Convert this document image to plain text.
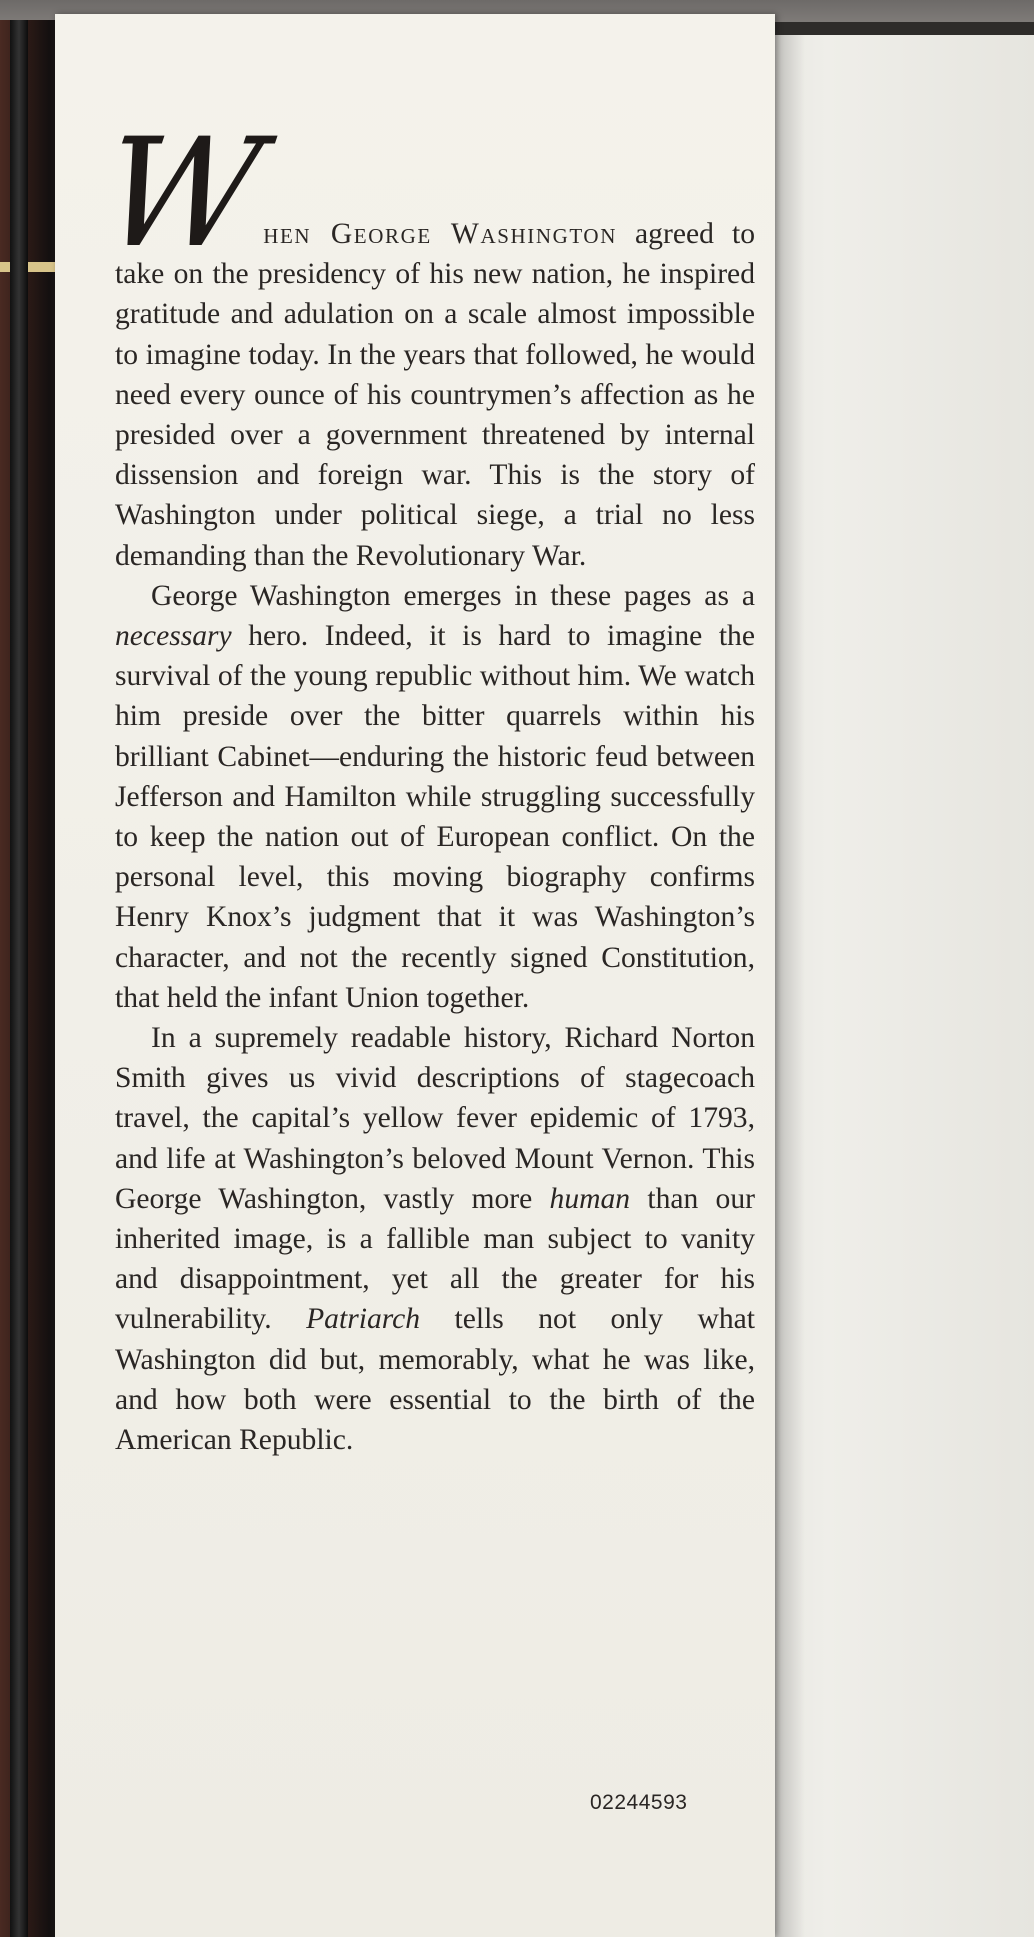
W
hen George Washington agreed to take on the presidency of his new nation, he inspired gratitude and adulation on a scale almost impossible to imagine today. In the years that followed, he would need every ounce of his countrymen’s affection as he presided over a government threatened by internal dissension and foreign war. This is the story of Washington under political siege, a trial no less demanding than the Revolutionary War.

George Washington emerges in these pages as a necessary hero. Indeed, it is hard to imagine the survival of the young republic without him. We watch him preside over the bitter quarrels within his brilliant Cabinet—enduring the historic feud between Jefferson and Hamilton while struggling successfully to keep the nation out of European conflict. On the personal level, this moving biography confirms Henry Knox’s judgment that it was Washington’s character, and not the recently signed Constitution, that held the infant Union together.

In a supremely readable history, Richard Norton Smith gives us vivid descriptions of stagecoach travel, the capital’s yellow fever epidemic of 1793, and life at Washington’s beloved Mount Vernon. This George Washington, vastly more human than our inherited image, is a fallible man subject to vanity and disappointment, yet all the greater for his vulnerability. Patriarch tells not only what Washington did but, memorably, what he was like, and how both were essential to the birth of the American Republic.

02244593
